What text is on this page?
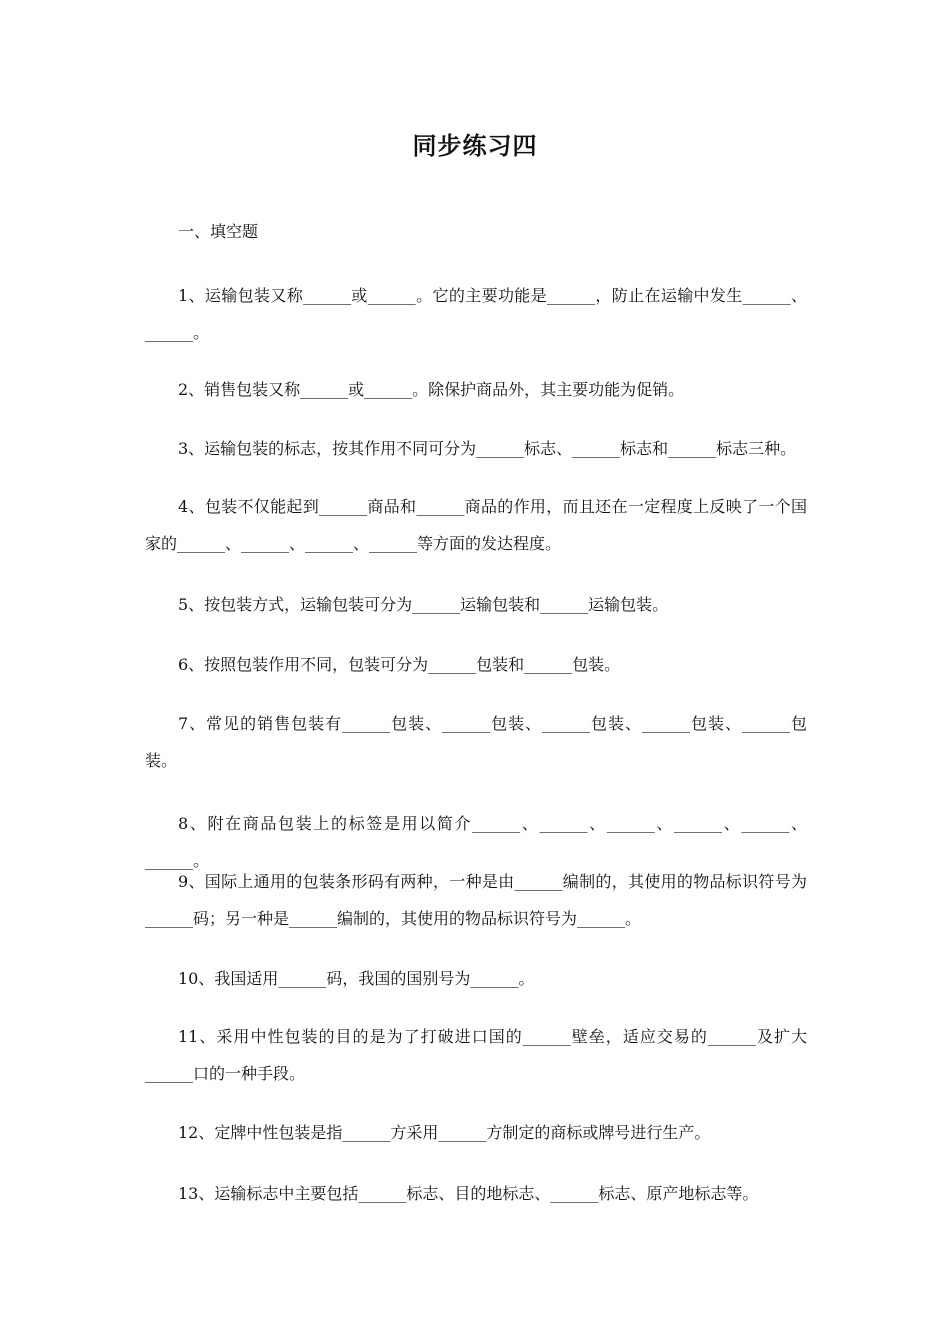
同步练习四
一、填空题
1、运输包装又称______或______。它的主要功能是______，防止在运输中发生______、______。
2、销售包装又称______或______。除保护商品外，其主要功能为促销。
3、运输包装的标志，按其作用不同可分为______标志、______标志和______标志三种。
4、包装不仅能起到______商品和______商品的作用，而且还在一定程度上反映了一个国家的______、______、______、______等方面的发达程度。
5、按包装方式，运输包装可分为______运输包装和______运输包装。
6、按照包装作用不同，包装可分为______包装和______包装。
7、常见的销售包装有______包装、______包装、______包装、______包装、______包装。
8、附在商品包装上的标签是用以简介______、______、______、______、______、______。
9、国际上通用的包装条形码有两种，一种是由______编制的，其使用的物品标识符号为______码；另一种是______编制的，其使用的物品标识符号为______。
10、我国适用______码，我国的国别号为______。
11、采用中性包装的目的是为了打破进口国的______壁垒，适应交易的______及扩大______口的一种手段。
12、定牌中性包装是指______方采用______方制定的商标或牌号进行生产。
13、运输标志中主要包括______标志、目的地标志、______标志、原产地标志等。
